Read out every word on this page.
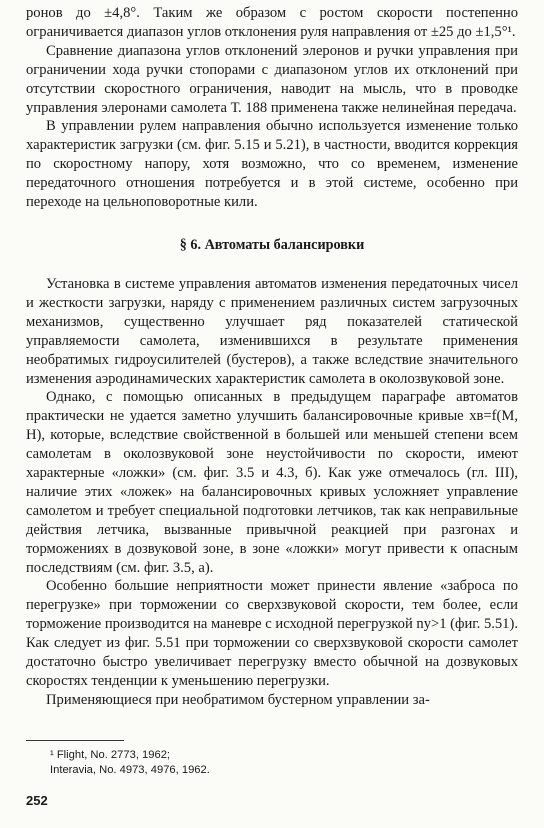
ронов до ±4,8°. Таким же образом с ростом скорости постепенно ограничивается диапазон углов отклонения руля направления от ±25 до ±1,5°¹.

Сравнение диапазона углов отклонений элеронов и ручки управления при ограничении хода ручки стопорами с диапазоном углов их отклонений при отсутствии скоростного ограничения, наводит на мысль, что в проводке управления элеронами самолета Т. 188 применена также нелинейная передача.

В управлении рулем направления обычно используется изменение только характеристик загрузки (см. фиг. 5.15 и 5.21), в частности, вводится коррекция по скоростному напору, хотя возможно, что со временем, изменение передаточного отношения потребуется и в этой системе, особенно при переходе на цельноповоротные кили.

§ 6. Автоматы балансировки

Установка в системе управления автоматов изменения передаточных чисел и жесткости загрузки, наряду с применением различных систем загрузочных механизмов, существенно улучшает ряд показателей статической управляемости самолета, изменившихся в результате применения необратимых гидроусилителей (бустеров), а также вследствие значительного изменения аэродинамических характеристик самолета в околозвуковой зоне.

Однако, с помощью описанных в предыдущем параграфе автоматов практически не удается заметно улучшить балансировочные кривые xв=f(M, H), которые, вследствие свойственной в большей или меньшей степени всем самолетам в околозвуковой зоне неустойчивости по скорости, имеют характерные «ложки» (см. фиг. 3.5 и 4.3, б). Как уже отмечалось (гл. III), наличие этих «ложек» на балансировочных кривых усложняет управление самолетом и требует специальной подготовки летчиков, так как неправильные действия летчика, вызванные привычной реакцией при разгонах и торможениях в дозвуковой зоне, в зоне «ложки» могут привести к опасным последствиям (см. фиг. 3.5, а).

Особенно большие неприятности может принести явление «заброса по перегрузке» при торможении со сверхзвуковой скорости, тем более, если торможение производится на маневре с исходной перегрузкой ny>1 (фиг. 5.51). Как следует из фиг. 5.51 при торможении со сверхзвуковой скорости самолет достаточно быстро увеличивает перегрузку вместо обычной на дозвуковых скоростях тенденции к уменьшению перегрузки.

Применяющиеся при необратимом бустерном управлении за-

¹ Flight, No. 2773, 1962;
Interavia, No. 4973, 4976, 1962.
252
